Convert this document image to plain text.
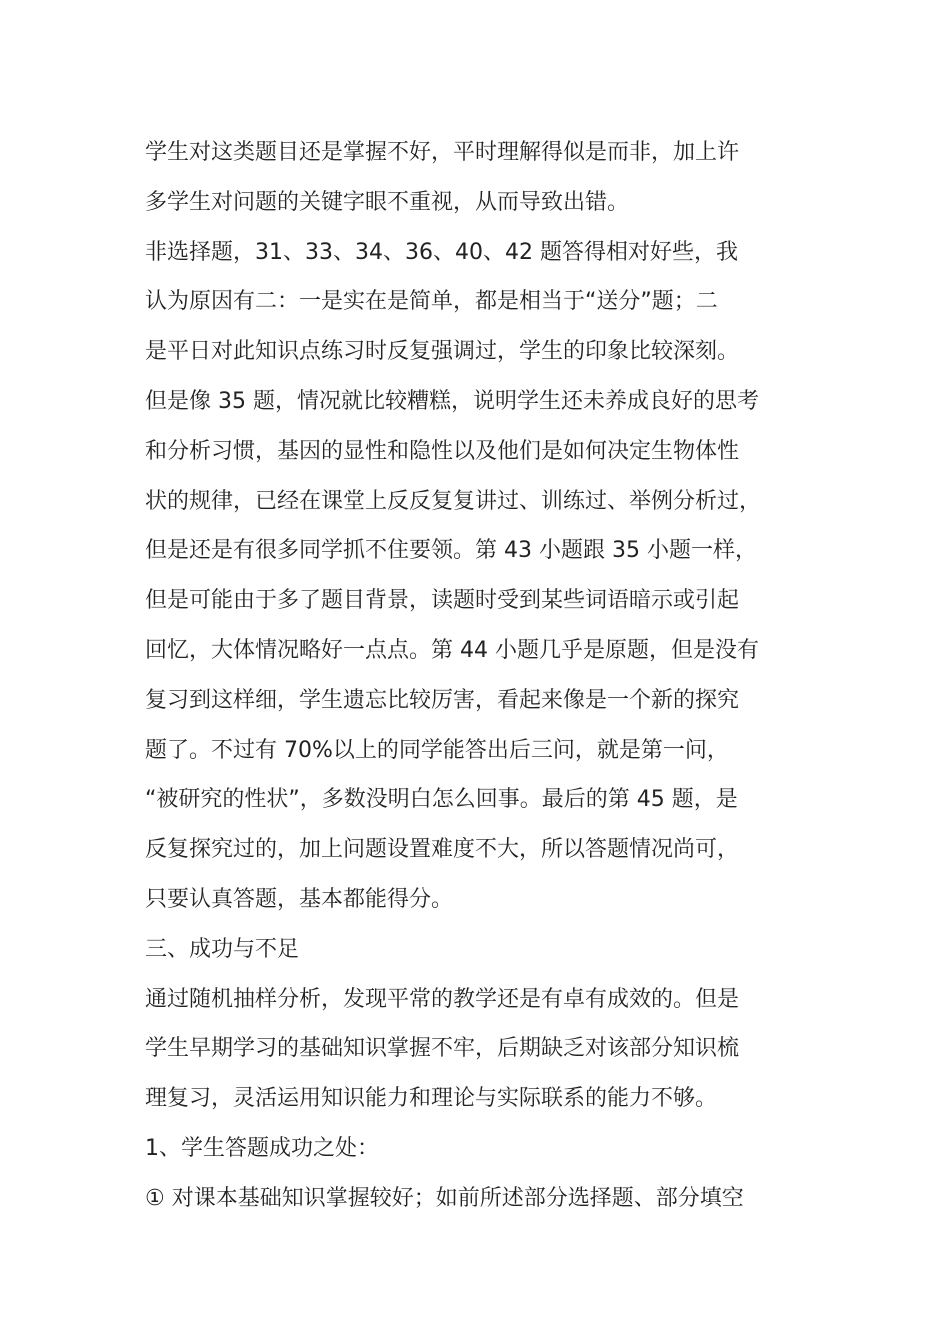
学生对这类题目还是掌握不好，平时理解得似是而非，加上许
多学生对问题的关键字眼不重视，从而导致出错。
非选择题，31、33、34、36、40、42 题答得相对好些，我
认为原因有二：一是实在是简单，都是相当于“送分”题；二
是平日对此知识点练习时反复强调过，学生的印象比较深刻。
但是像 35 题，情况就比较糟糕，说明学生还未养成良好的思考
和分析习惯，基因的显性和隐性以及他们是如何决定生物体性
状的规律，已经在课堂上反反复复讲过、训练过、举例分析过，
但是还是有很多同学抓不住要领。第 43 小题跟 35 小题一样，
但是可能由于多了题目背景，读题时受到某些词语暗示或引起
回忆，大体情况略好一点点。第 44 小题几乎是原题，但是没有
复习到这样细，学生遗忘比较厉害，看起来像是一个新的探究
题了。不过有 70%以上的同学能答出后三问，就是第一问，
“被研究的性状”，多数没明白怎么回事。最后的第 45 题，是
反复探究过的，加上问题设置难度不大，所以答题情况尚可，
只要认真答题，基本都能得分。
三、成功与不足
通过随机抽样分析，发现平常的教学还是有卓有成效的。但是
学生早期学习的基础知识掌握不牢，后期缺乏对该部分知识梳
理复习，灵活运用知识能力和理论与实际联系的能力不够。
1、学生答题成功之处：
① 对课本基础知识掌握较好；如前所述部分选择题、部分填空
